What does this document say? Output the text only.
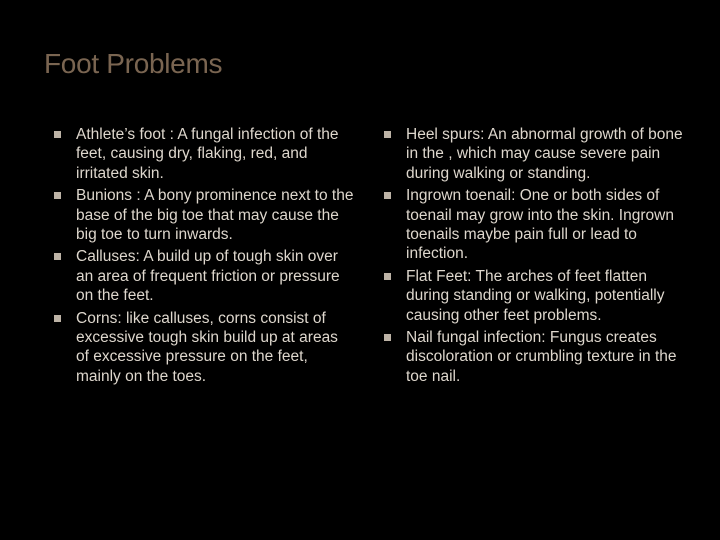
Foot Problems
Athlete’s foot : A fungal infection of the feet, causing dry, flaking, red, and irritated skin.
Bunions : A bony prominence next to the base of the big toe that may cause the big toe to turn inwards.
Calluses: A build up of tough skin over an area of frequent friction or pressure on the feet.
Corns: like calluses, corns consist of excessive tough skin build up at areas of excessive pressure on the feet, mainly on the toes.
Heel spurs: An abnormal growth of bone in the , which may cause severe pain during walking or standing.
Ingrown toenail: One or both sides of toenail may grow into the skin. Ingrown toenails maybe pain full or lead to infection.
Flat Feet: The arches of feet flatten during standing or walking, potentially causing other feet problems.
Nail fungal infection: Fungus creates discoloration or crumbling texture in the toe nail.
